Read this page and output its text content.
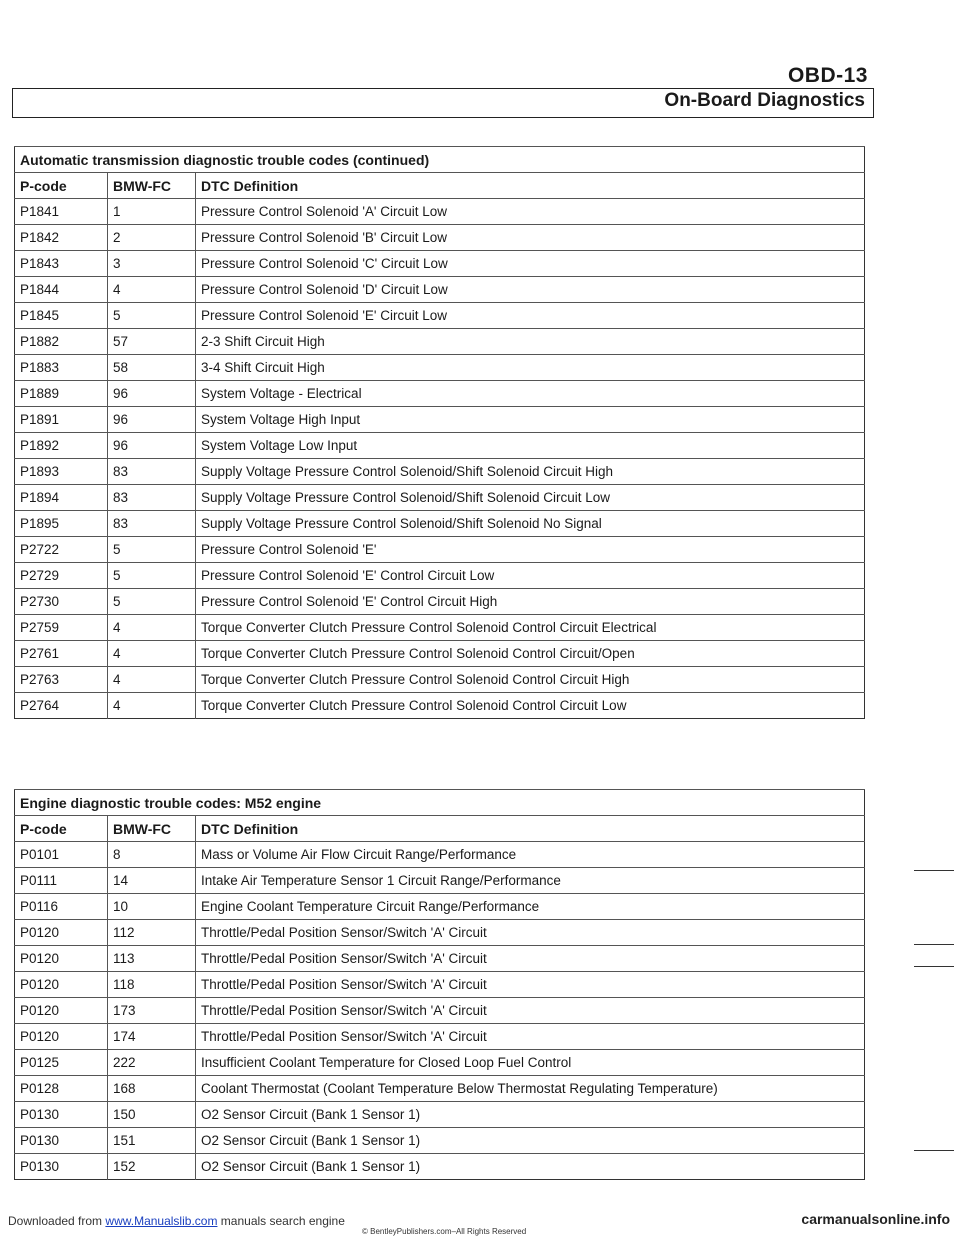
OBD-13
On-Board Diagnostics
Automatic transmission diagnostic trouble codes (continued)		
P-code	BMW-FC	DTC Definition
P1841	1	Pressure Control Solenoid 'A' Circuit Low
P1842	2	Pressure Control Solenoid 'B' Circuit Low
P1843	3	Pressure Control Solenoid 'C' Circuit Low
P1844	4	Pressure Control Solenoid 'D' Circuit Low
P1845	5	Pressure Control Solenoid 'E' Circuit Low
P1882	57	2-3 Shift Circuit High
P1883	58	3-4 Shift Circuit High
P1889	96	System Voltage - Electrical
P1891	96	System Voltage High Input
P1892	96	System Voltage Low Input
P1893	83	Supply Voltage Pressure Control Solenoid/Shift Solenoid Circuit High
P1894	83	Supply Voltage Pressure Control Solenoid/Shift Solenoid Circuit Low
P1895	83	Supply Voltage Pressure Control Solenoid/Shift Solenoid No Signal
P2722	5	Pressure Control Solenoid 'E'
P2729	5	Pressure Control Solenoid 'E' Control Circuit Low
P2730	5	Pressure Control Solenoid 'E' Control Circuit High
P2759	4	Torque Converter Clutch Pressure Control Solenoid Control Circuit Electrical
P2761	4	Torque Converter Clutch Pressure Control Solenoid Control Circuit/Open
P2763	4	Torque Converter Clutch Pressure Control Solenoid Control Circuit High
P2764	4	Torque Converter Clutch Pressure Control Solenoid Control Circuit Low
Engine diagnostic trouble codes: M52 engine		
P-code	BMW-FC	DTC Definition
P0101	8	Mass or Volume Air Flow Circuit Range/Performance
P0111	14	Intake Air Temperature Sensor 1 Circuit Range/Performance
P0116	10	Engine Coolant Temperature Circuit Range/Performance
P0120	112	Throttle/Pedal Position Sensor/Switch 'A' Circuit
P0120	113	Throttle/Pedal Position Sensor/Switch 'A' Circuit
P0120	118	Throttle/Pedal Position Sensor/Switch 'A' Circuit
P0120	173	Throttle/Pedal Position Sensor/Switch 'A' Circuit
P0120	174	Throttle/Pedal Position Sensor/Switch 'A' Circuit
P0125	222	Insufficient Coolant Temperature for Closed Loop Fuel Control
P0128	168	Coolant Thermostat (Coolant Temperature Below Thermostat Regulating Temperature)
P0130	150	O2 Sensor Circuit (Bank 1 Sensor 1)
P0130	151	O2 Sensor Circuit (Bank 1 Sensor 1)
P0130	152	O2 Sensor Circuit (Bank 1 Sensor 1)
Downloaded from www.Manualslib.com manuals search engine
© BentleyPublishers.com–All Rights Reserved
carmanualsonline.info
